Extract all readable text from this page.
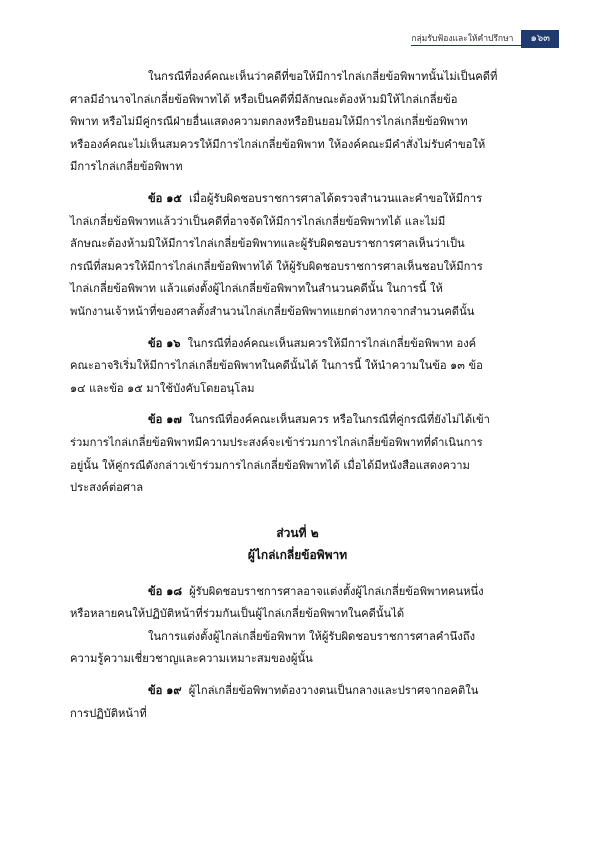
กลุ่มรับฟ้องและให้คำปรึกษา	๑๖๓

ในกรณีที่องค์คณะเห็นว่าคดีที่ขอให้มีการไกล่เกลี่ยข้อพิพาทนั้นไม่เป็นคดีที่
ศาลมีอำนาจไกล่เกลี่ยข้อพิพาทได้ หรือเป็นคดีที่มีลักษณะต้องห้ามมิให้ไกล่เกลี่ยข้อ
พิพาท หรือไม่มีคู่กรณีฝ่ายอื่นแสดงความตกลงหรือยินยอมให้มีการไกล่เกลี่ยข้อพิพาท
หรือองค์คณะไม่เห็นสมควรให้มีการไกล่เกลี่ยข้อพิพาท ให้องค์คณะมีคำสั่งไม่รับคำขอให้
มีการไกล่เกลี่ยข้อพิพาท

ข้อ ๑๕ เมื่อผู้รับผิดชอบราชการศาลได้ตรวจสำนวนและคำขอให้มีการ
ไกล่เกลี่ยข้อพิพาทแล้วว่าเป็นคดีที่อาจจัดให้มีการไกล่เกลี่ยข้อพิพาทได้ และไม่มี
ลักษณะต้องห้ามมิให้มีการไกล่เกลี่ยข้อพิพาทและผู้รับผิดชอบราชการศาลเห็นว่าเป็น
กรณีที่สมควรให้มีการไกล่เกลี่ยข้อพิพาทได้ ให้ผู้รับผิดชอบราชการศาลเห็นชอบให้มีการ
ไกล่เกลี่ยข้อพิพาท แล้วแต่งตั้งผู้ไกล่เกลี่ยข้อพิพาทในสำนวนคดีนั้น ในการนี้ ให้
พนักงานเจ้าหน้าที่ของศาลตั้งสำนวนไกล่เกลี่ยข้อพิพาทแยกต่างหากจากสำนวนคดีนั้น

ข้อ ๑๖ ในกรณีที่องค์คณะเห็นสมควรให้มีการไกล่เกลี่ยข้อพิพาท องค์
คณะอาจริเริ่มให้มีการไกล่เกลี่ยข้อพิพาทในคดีนั้นได้ ในการนี้ ให้นำความในข้อ ๑๓ ข้อ
๑๔ และข้อ ๑๕ มาใช้บังคับโดยอนุโลม

ข้อ ๑๗ ในกรณีที่องค์คณะเห็นสมควร หรือในกรณีที่คู่กรณีที่ยังไม่ได้เข้า
ร่วมการไกล่เกลี่ยข้อพิพาทมีความประสงค์จะเข้าร่วมการไกล่เกลี่ยข้อพิพาทที่ดำเนินการ
อยู่นั้น ให้คู่กรณีดังกล่าวเข้าร่วมการไกล่เกลี่ยข้อพิพาทได้ เมื่อได้มีหนังสือแสดงความ
ประสงค์ต่อศาล

ส่วนที่ ๒
ผู้ไกล่เกลี่ยข้อพิพาท

ข้อ ๑๘ ผู้รับผิดชอบราชการศาลอาจแต่งตั้งผู้ไกล่เกลี่ยข้อพิพาทคนหนึ่ง
หรือหลายคนให้ปฏิบัติหน้าที่ร่วมกันเป็นผู้ไกล่เกลี่ยข้อพิพาทในคดีนั้นได้

ในการแต่งตั้งผู้ไกล่เกลี่ยข้อพิพาท ให้ผู้รับผิดชอบราชการศาลคำนึงถึง
ความรู้ความเชี่ยวชาญและความเหมาะสมของผู้นั้น

ข้อ ๑๙ ผู้ไกล่เกลี่ยข้อพิพาทต้องวางตนเป็นกลางและปราศจากอคติใน
การปฏิบัติหน้าที่
